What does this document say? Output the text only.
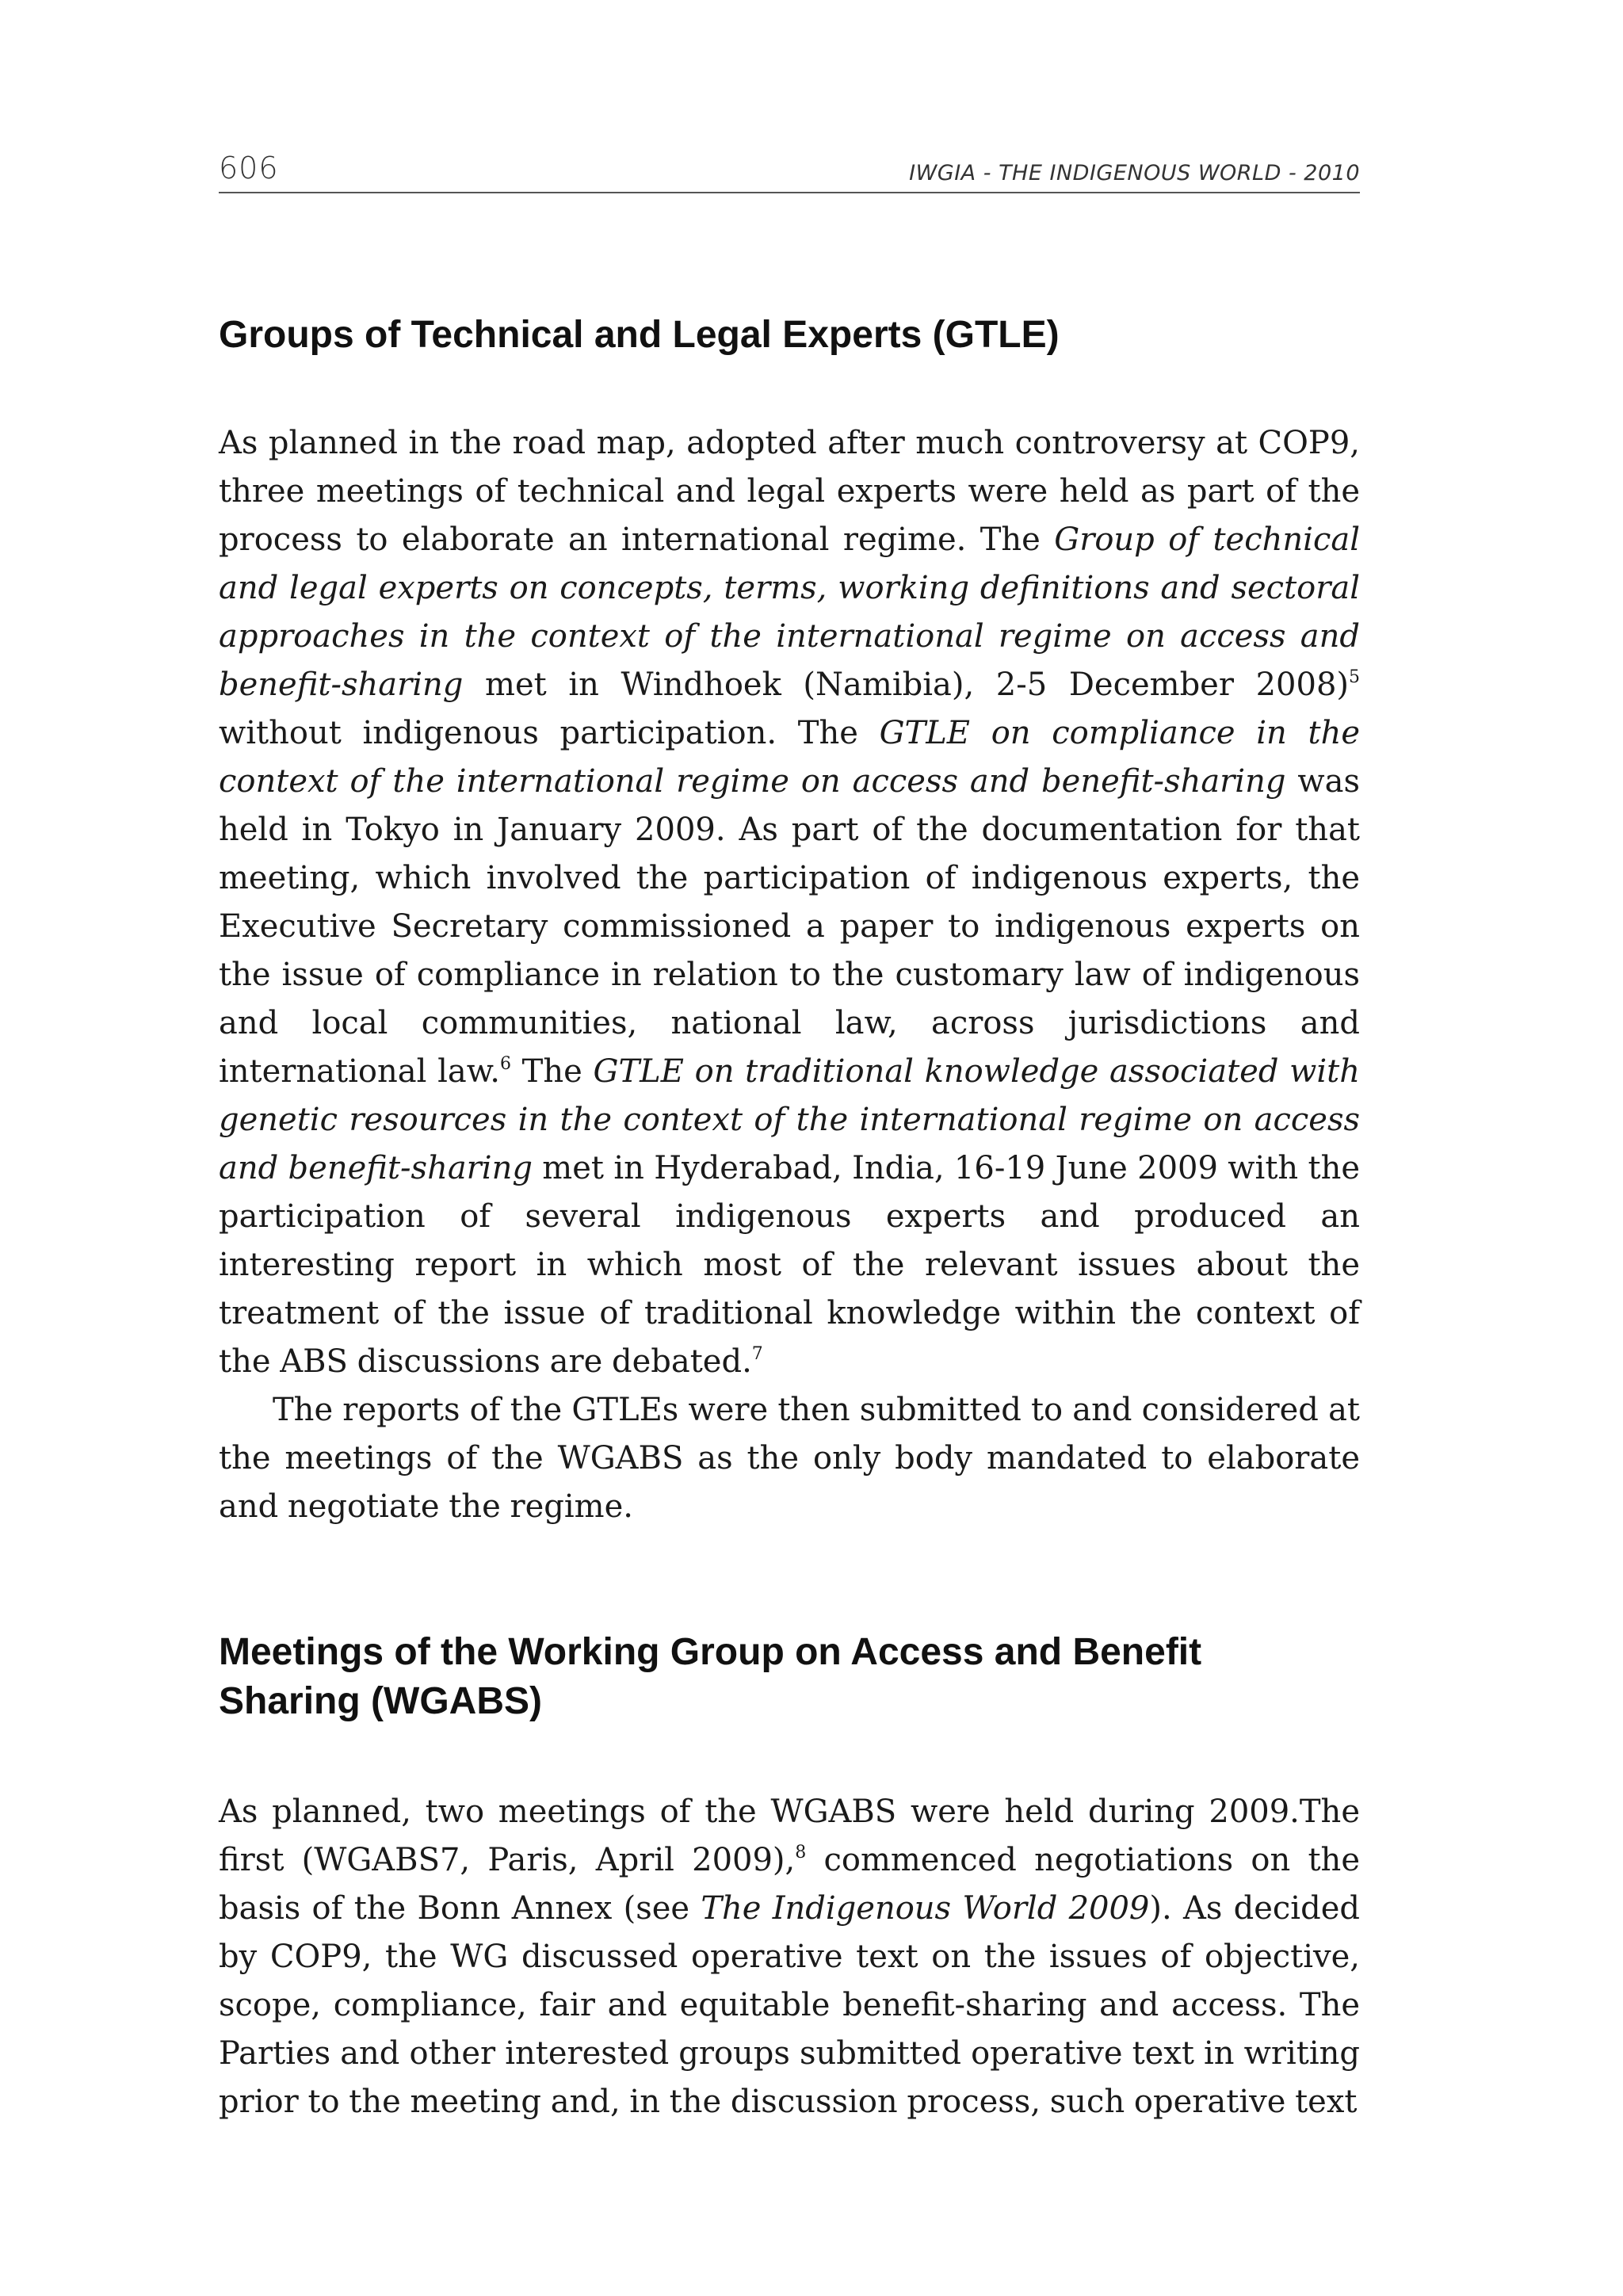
606	IWGIA - THE INDIGENOUS WORLD - 2010
Groups of Technical and Legal Experts (GTLE)

As planned in the road map, adopted after much controversy at COP9, three meetings of technical and legal experts were held as part of the process to elaborate an international regime. The Group of technical and legal experts on concepts, terms, working definitions and sectoral approaches in the context of the international regime on access and benefit-sharing met in Windhoek (Namibia), 2-5 December 2008)$^5$ without indigenous participation. The GTLE on compliance in the context of the international regime on access and benefit-sharing was held in Tokyo in January 2009. As part of the documentation for that meeting, which involved the participation of indigenous experts, the Executive Secretary commissioned a paper to indigenous experts on the issue of compliance in relation to the customary law of indigenous and local communities, national law, across jurisdictions and international law.$^6$ The GTLE on traditional knowledge associated with genetic resources in the context of the international regime on access and benefit-sharing met in Hyderabad, India, 16-19 June 2009 with the participation of several indigenous experts and produced an interesting report in which most of the relevant issues about the treatment of the issue of traditional knowledge within the context of the ABS discussions are debated.$^7$

The reports of the GTLEs were then submitted to and considered at the meetings of the WGABS as the only body mandated to elaborate and negotiate the regime.

Meetings of the Working Group on Access and Benefit
Sharing (WGABS)

As planned, two meetings of the WGABS were held during 2009.The first (WGABS7, Paris, April 2009),$^8$ commenced negotiations on the basis of the Bonn Annex (see The Indigenous World 2009). As decided by COP9, the WG discussed operative text on the issues of objective, scope, compliance, fair and equitable benefit-sharing and access. The Parties and other interested groups submitted operative text in writing prior to the meeting and, in the discussion process, such operative text
